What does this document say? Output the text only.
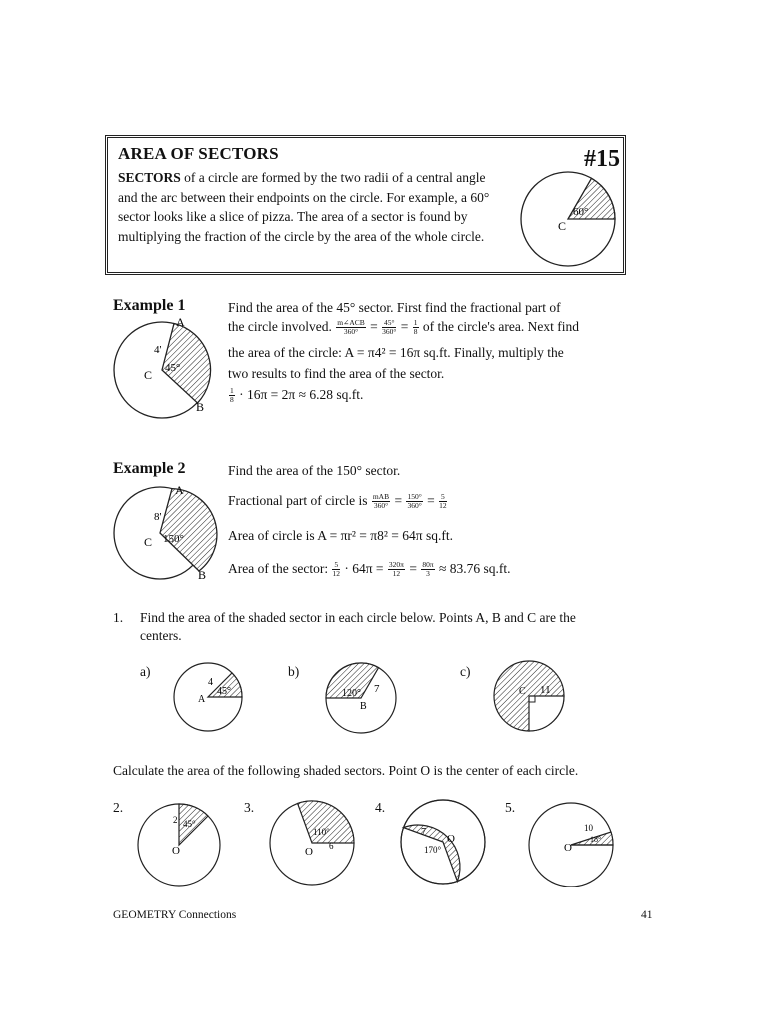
AREA OF SECTORS	#15
SECTORS of a circle are formed by the two radii of a central angle and the arc between their endpoints on the circle. For example, a 60° sector looks like a slice of pizza. The area of a sector is found by multiplying the fraction of the circle by the area of the whole circle.
60°
C
Example 1
A
B
C
4'
45°
Find the area of the 45° sector. First find the fractional part of
the circle involved. $\frac{\text{m∠ACB}}{360^\circ} = \frac{45^\circ}{360^\circ} = \frac{1}{8}$ of the circle's area. Next find
the area of the circle: A = π4² = 16π sq.ft. Finally, multiply the
two results to find the area of the sector.
$\frac{1}{8} \cdot 16\pi = 2\pi \approx 6.28$ sq.ft.
Example 2
A
B
C
8'
150°
Find the area of the 150° sector.
Fractional part of circle is $\frac{\text{mAB}}{360^\circ} = \frac{150^\circ}{360^\circ} = \frac{5}{12}$
Area of circle is A = πr² = π8² = 64π sq.ft.
Area of the sector: $\frac{5}{12} \cdot 64\pi = \frac{320\pi}{12} = \frac{80\pi}{3} \approx 83.76$ sq.ft.
1. Find the area of the shaded sector in each circle below. Points A, B and C are the
centers.
a)
4
45°
A
b)
7
120°
B
c)
C 11
Calculate the area of the following shaded sectors. Point O is the center of each circle.
2.
2 45°
O
3.
110°
6
O
4.
7
O
170°
5.
10
18°
O
GEOMETRY Connections	41
